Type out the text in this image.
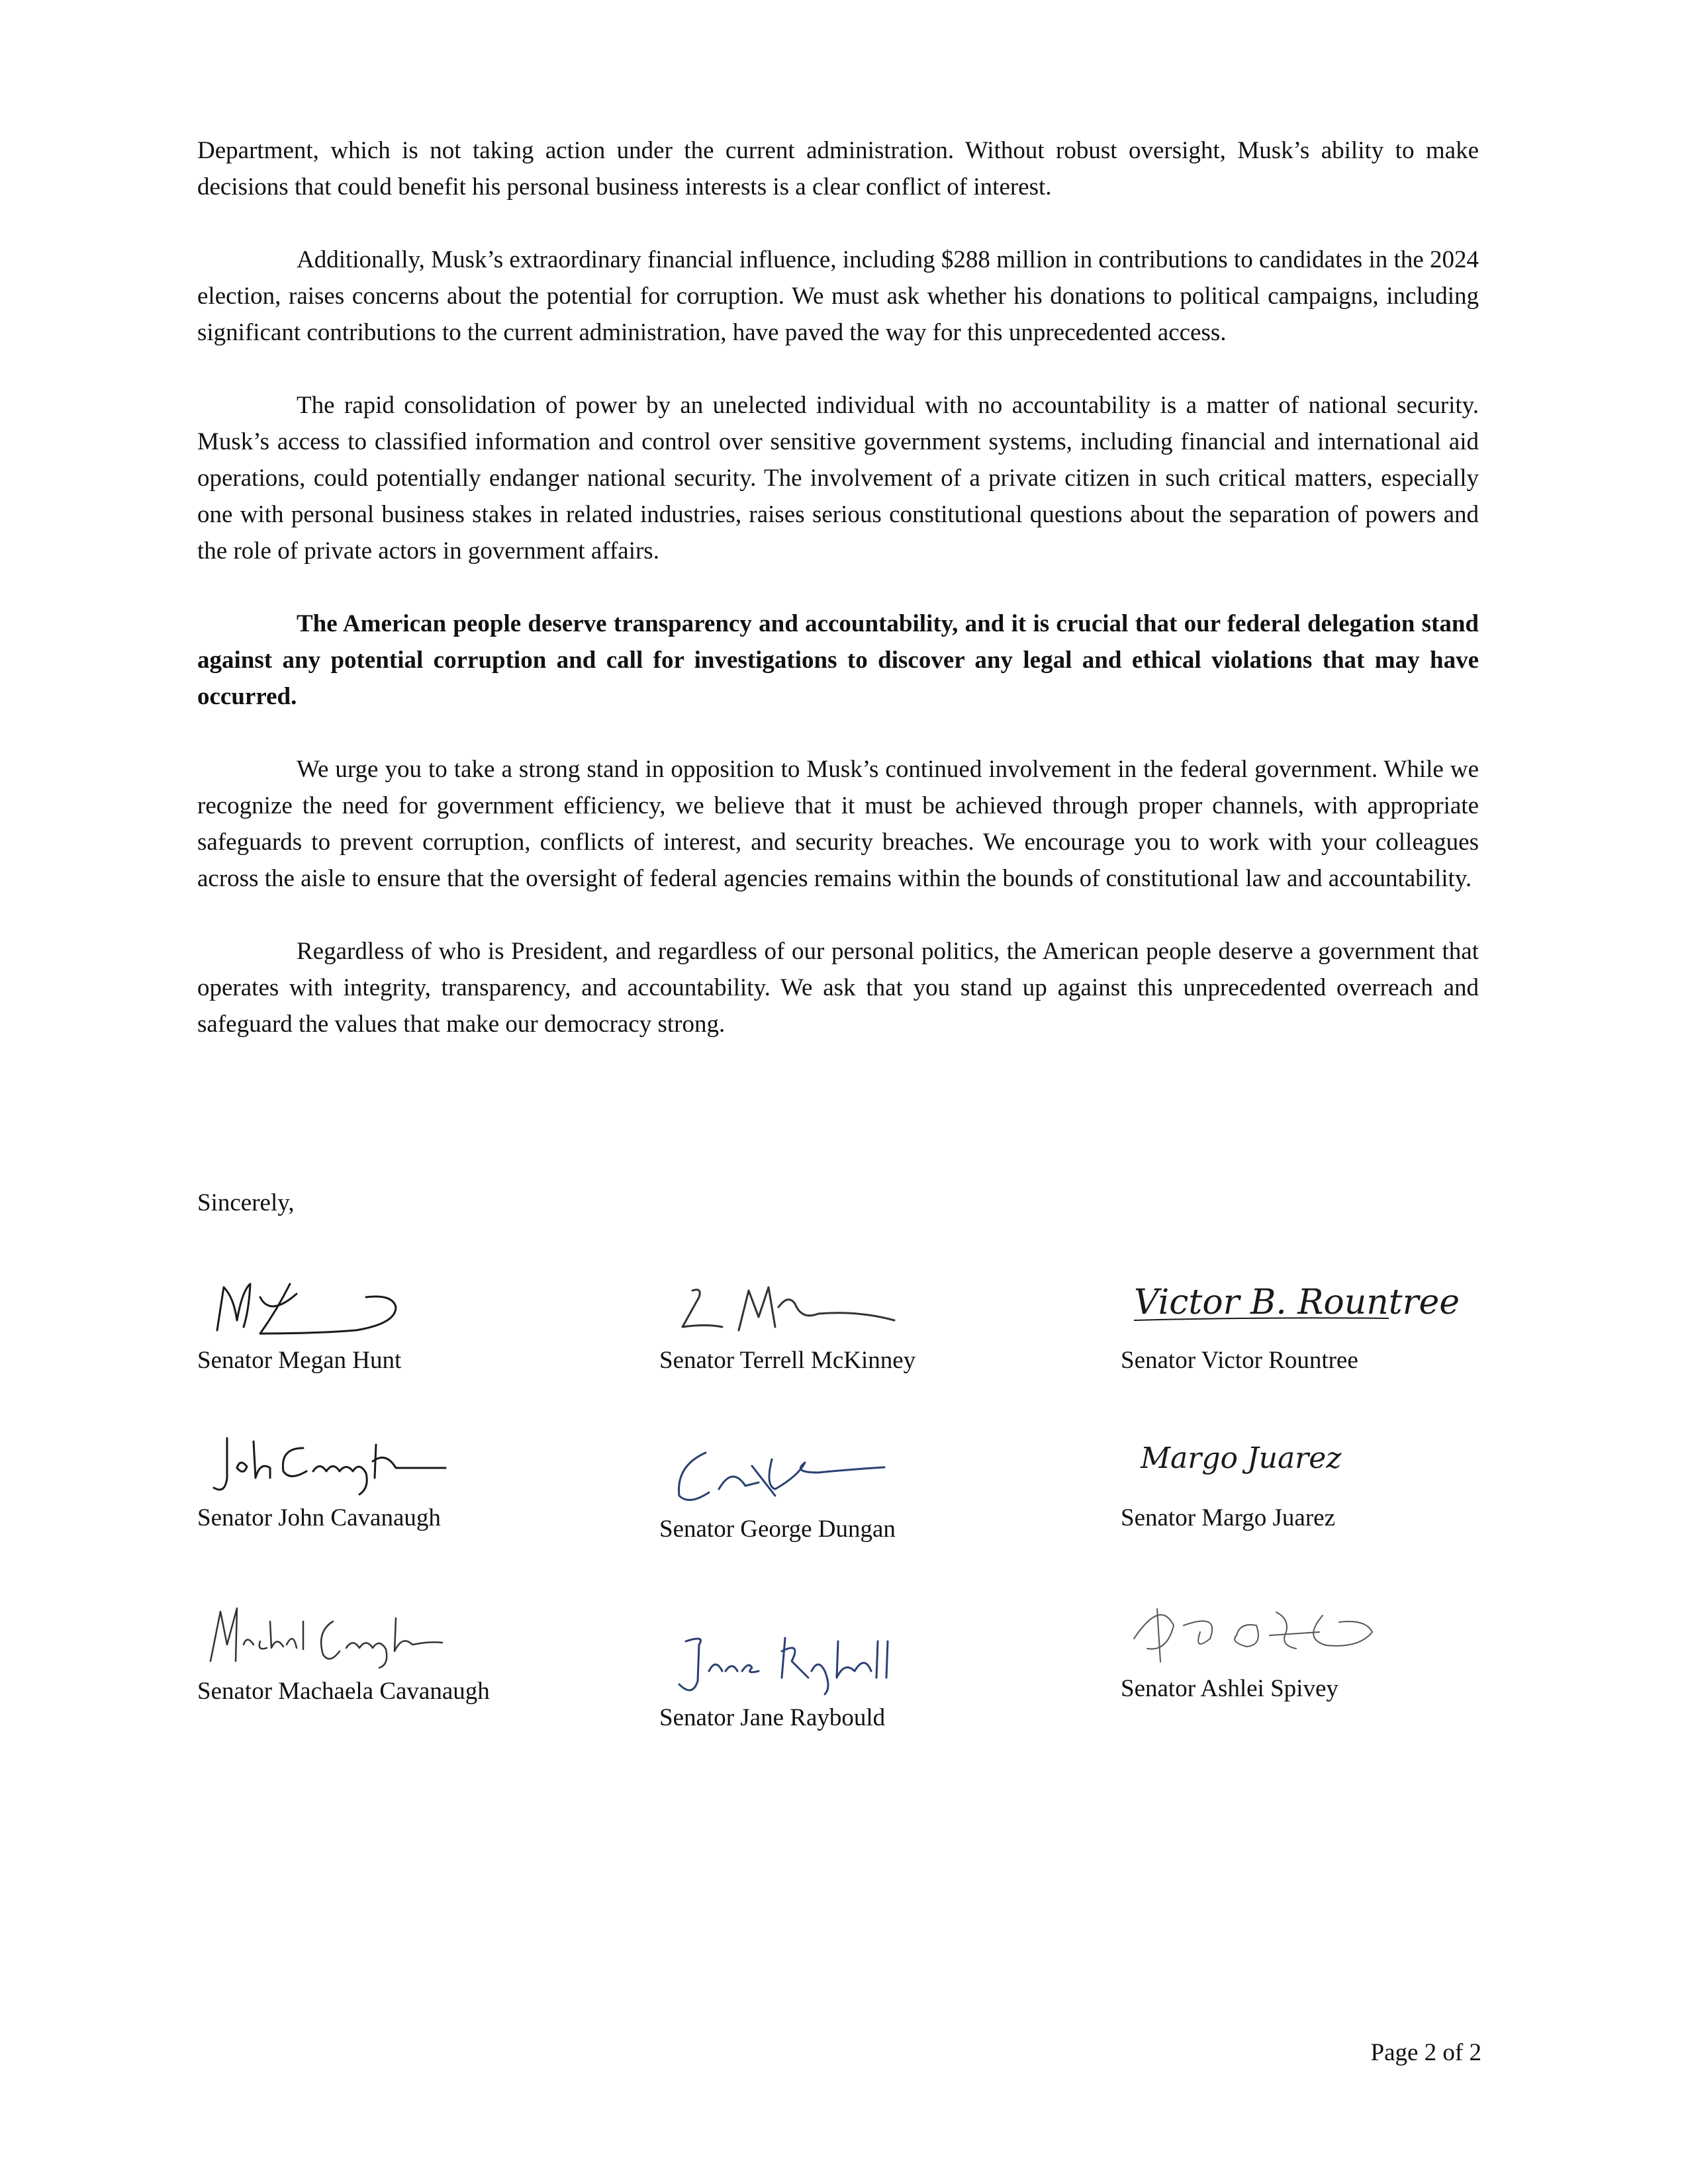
Department, which is not taking action under the current administration. Without robust oversight, Musk’s ability to make decisions that could benefit his personal business interests is a clear conflict of interest.

Additionally, Musk’s extraordinary financial influence, including $288 million in contributions to candidates in the 2024 election, raises concerns about the potential for corruption. We must ask whether his donations to political campaigns, including significant contributions to the current administration, have paved the way for this unprecedented access.

The rapid consolidation of power by an unelected individual with no accountability is a matter of national security. Musk’s access to classified information and control over sensitive government systems, including financial and international aid operations, could potentially endanger national security. The involvement of a private citizen in such critical matters, especially one with personal business stakes in related industries, raises serious constitutional questions about the separation of powers and the role of private actors in government affairs.

The American people deserve transparency and accountability, and it is crucial that our federal delegation stand against any potential corruption and call for investigations to discover any legal and ethical violations that may have occurred.

We urge you to take a strong stand in opposition to Musk’s continued involvement in the federal government. While we recognize the need for government efficiency, we believe that it must be achieved through proper channels, with appropriate safeguards to prevent corruption, conflicts of interest, and security breaches. We encourage you to work with your colleagues across the aisle to ensure that the oversight of federal agencies remains within the bounds of constitutional law and accountability.

Regardless of who is President, and regardless of our personal politics, the American people deserve a government that operates with integrity, transparency, and accountability. We ask that you stand up against this unprecedented overreach and safeguard the values that make our democracy strong.

Sincerely,
Senator Megan Hunt	Senator Terrell McKinney
Victor B. Rountree
Senator Victor Rountree
Senator John Cavanaugh	Senator George Dungan
Margo Juarez
Senator Margo Juarez
Senator Machaela Cavanaugh
Senator Jane Raybould
Senator Ashlei Spivey
Page 2 of 2
